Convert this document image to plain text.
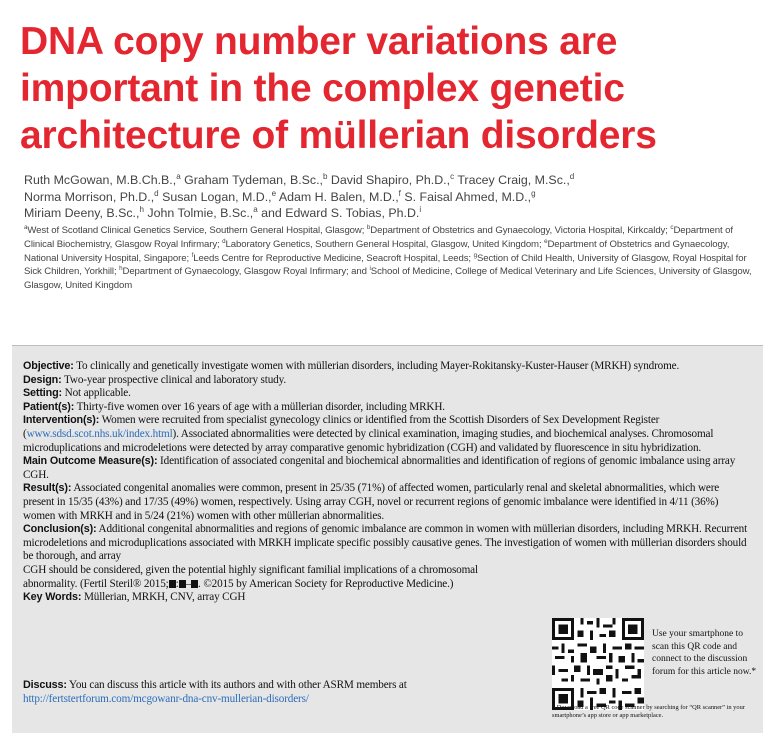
DNA copy number variations are
important in the complex genetic
architecture of müllerian disorders
Ruth McGowan, M.B.Ch.B.,$^a$ Graham Tydeman, B.Sc.,$^b$ David Shapiro, Ph.D.,$^c$ Tracey Craig, M.Sc.,$^d$
Norma Morrison, Ph.D.,$^d$ Susan Logan, M.D.,$^e$ Adam H. Balen, M.D.,$^f$ S. Faisal Ahmed, M.D.,$^g$
Miriam Deeny, B.Sc.,$^h$ John Tolmie, B.Sc.,$^a$ and Edward S. Tobias, Ph.D.$^i$
$^a$West of Scotland Clinical Genetics Service, Southern General Hospital, Glasgow; $^b$Department of Obstetrics and Gynaecology, Victoria Hospital, Kirkcaldy; $^c$Department of Clinical Biochemistry, Glasgow Royal Infirmary; $^d$Laboratory Genetics, Southern General Hospital, Glasgow, United Kingdom; $^e$Department of Obstetrics and Gynaecology, National University Hospital, Singapore; $^f$Leeds Centre for Reproductive Medicine, Seacroft Hospital, Leeds; $^g$Section of Child Health, University of Glasgow, Royal Hospital for Sick Children, Yorkhill; $^h$Department of Gynaecology, Glasgow Royal Infirmary; and $^i$School of Medicine, College of Medical Veterinary and Life Sciences, University of Glasgow, Glasgow, United Kingdom

Objective: To clinically and genetically investigate women with müllerian disorders, including Mayer-Rokitansky-Kuster-Hauser (MRKH) syndrome.

Design: Two-year prospective clinical and laboratory study.

Setting: Not applicable.

Patient(s): Thirty-five women over 16 years of age with a müllerian disorder, including MRKH.

Intervention(s): Women were recruited from specialist gynecology clinics or identified from the Scottish Disorders of Sex Development Register (www.sdsd.scot.nhs.uk/index.html). Associated abnormalities were detected by clinical examination, imaging studies, and biochemical analyses. Chromosomal microduplications and microdeletions were detected by array comparative genomic hybridization (CGH) and validated by fluorescence in situ hybridization.

Main Outcome Measure(s): Identification of associated congenital and biochemical abnormalities and identification of regions of genomic imbalance using array CGH.

Result(s): Associated congenital anomalies were common, present in 25/35 (71%) of affected women, particularly renal and skeletal abnormalities, which were present in 15/35 (43%) and 17/35 (49%) women, respectively. Using array CGH, novel or recurrent regions of genomic imbalance were identified in 4/11 (36%) women with MRKH and in 5/24 (21%) women with other müllerian abnormalities.

Conclusion(s): Additional congenital abnormalities and regions of genomic imbalance are common in women with müllerian disorders, including MRKH. Recurrent microdeletions and microduplications associated with MRKH implicate specific possibly causative genes. The investigation of women with müllerian disorders should be thorough, and array

CGH should be considered, given the potential highly significant familial implications of a chromosomal abnormality. (Fertil Steril® 2015; : – . ©2015 by American Society for Reproductive Medicine.)

Key Words: Müllerian, MRKH, CNV, array CGH

Use your smartphone to scan this QR code and connect to the discussion forum for this article now.*
* Download a free QR code scanner by searching for “QR scanner” in your smartphone’s app store or app marketplace.
Discuss: You can discuss this article with its authors and with other ASRM members at http://fertstertforum.com/mcgowanr-dna-cnv-mullerian-disorders/
